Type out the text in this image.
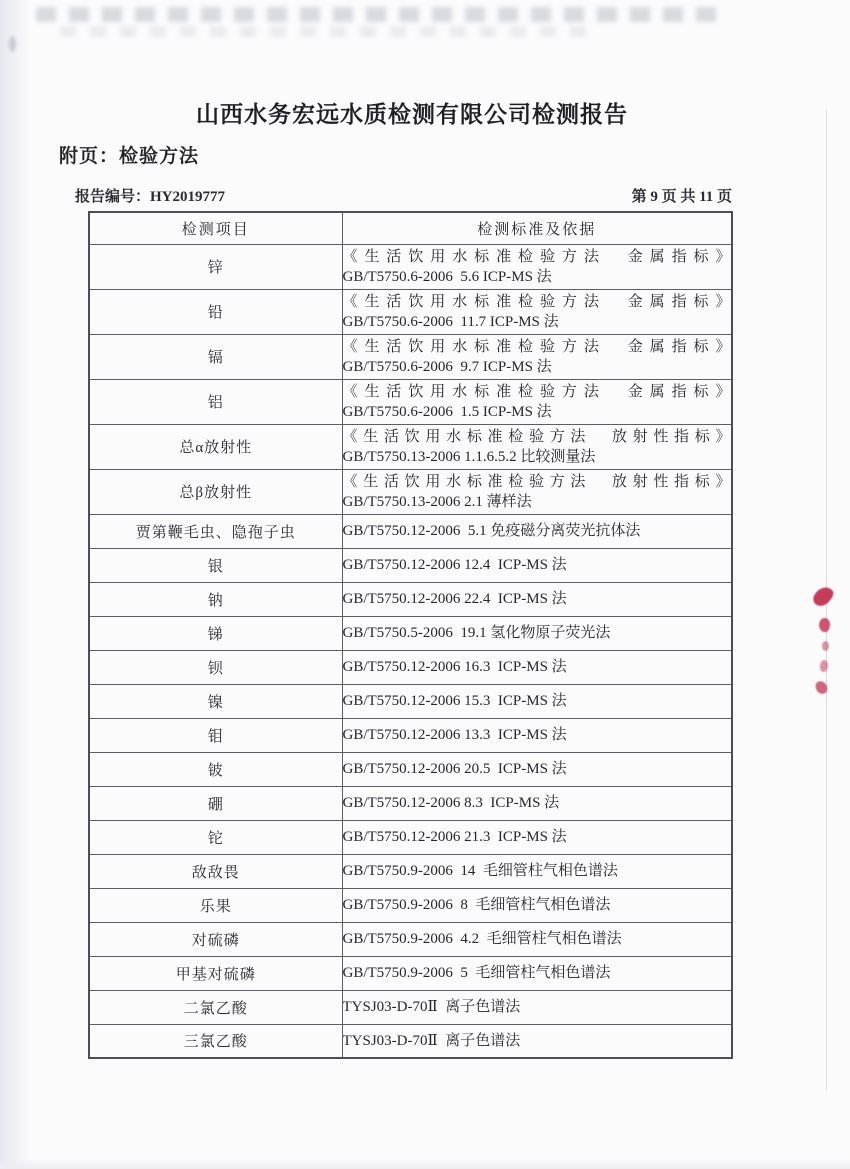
山西水务宏远水质检测有限公司检测报告
附页：检验方法
第 9 页 共 11 页
报告编号：HY2019777
检测项目	检测标准及依据
锌	《生活饮用水标准检验方法　金属指标》
GB/T5750.6-2006  5.6 ICP-MS 法

铅	《生活饮用水标准检验方法　金属指标》
GB/T5750.6-2006  11.7 ICP-MS 法

镉	《生活饮用水标准检验方法　金属指标》
GB/T5750.6-2006  9.7 ICP-MS 法

铝	《生活饮用水标准检验方法　金属指标》
GB/T5750.6-2006  1.5 ICP-MS 法

总α放射性	《生活饮用水标准检验方法　放射性指标》
GB/T5750.13-2006 1.1.6.5.2 比较测量法

总β放射性	《生活饮用水标准检验方法　放射性指标》
GB/T5750.13-2006 2.1 薄样法

贾第鞭毛虫、隐孢子虫	GB/T5750.12-2006  5.1 免疫磁分离荧光抗体法

银	GB/T5750.12-2006 12.4  ICP-MS 法

钠	GB/T5750.12-2006 22.4  ICP-MS 法

锑	GB/T5750.5-2006  19.1 氢化物原子荧光法

钡	GB/T5750.12-2006 16.3  ICP-MS 法

镍	GB/T5750.12-2006 15.3  ICP-MS 法

钼	GB/T5750.12-2006 13.3  ICP-MS 法

铍	GB/T5750.12-2006 20.5  ICP-MS 法

硼	GB/T5750.12-2006 8.3  ICP-MS 法

铊	GB/T5750.12-2006 21.3  ICP-MS 法

敌敌畏	GB/T5750.9-2006  14  毛细管柱气相色谱法

乐果	GB/T5750.9-2006  8  毛细管柱气相色谱法

对硫磷	GB/T5750.9-2006  4.2  毛细管柱气相色谱法

甲基对硫磷	GB/T5750.9-2006  5  毛细管柱气相色谱法

二氯乙酸	TYSJ03-D-70Ⅱ  离子色谱法

三氯乙酸	TYSJ03-D-70Ⅱ  离子色谱法
